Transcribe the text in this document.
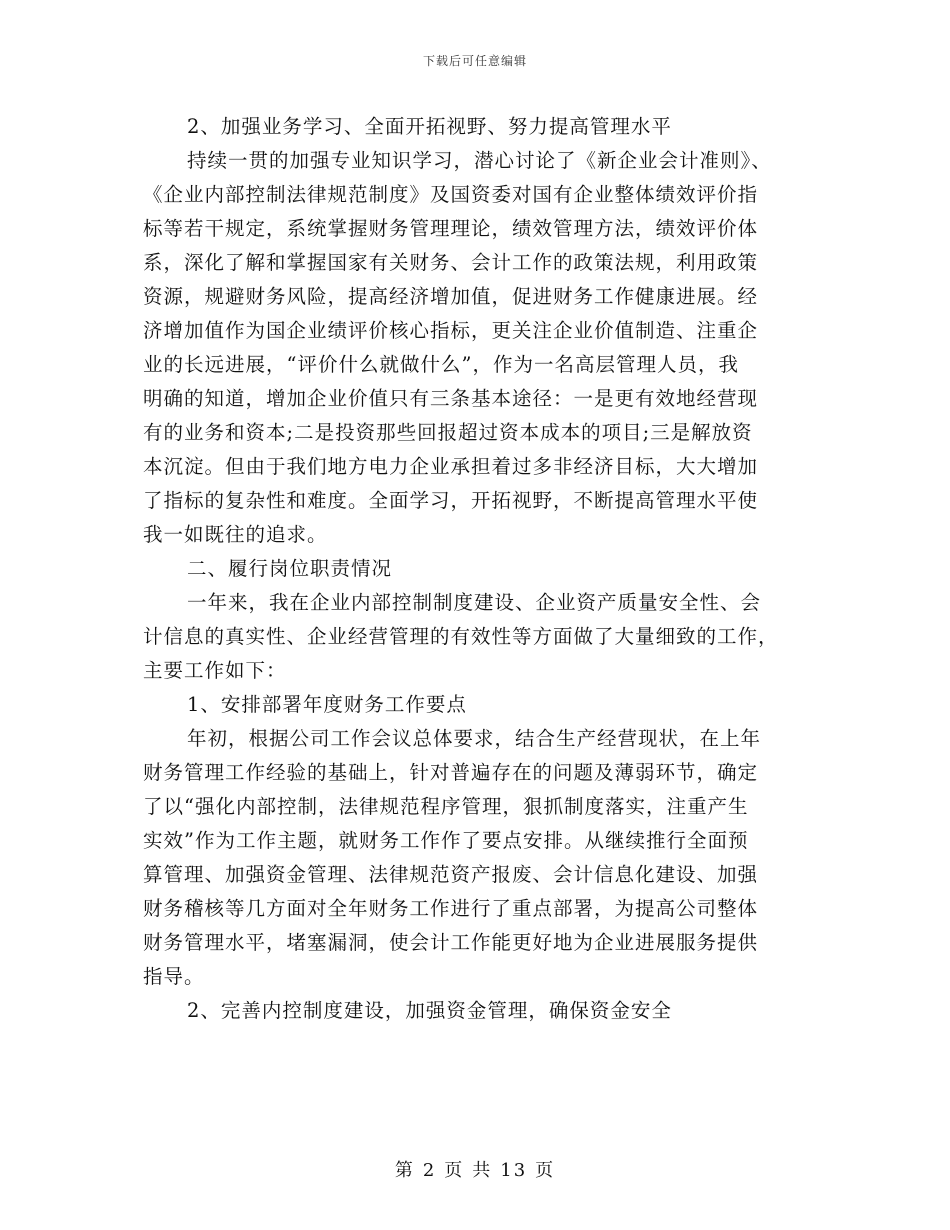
下载后可任意编辑
2、加强业务学习、全面开拓视野、努力提高管理水平
持续一贯的加强专业知识学习，潜心讨论了《新企业会计准则》、
《企业内部控制法律规范制度》及国资委对国有企业整体绩效评价指
标等若干规定，系统掌握财务管理理论，绩效管理方法，绩效评价体
系，深化了解和掌握国家有关财务、会计工作的政策法规，利用政策
资源，规避财务风险，提高经济增加值，促进财务工作健康进展。经
济增加值作为国企业绩评价核心指标，更关注企业价值制造、注重企
业的长远进展，“评价什么就做什么”，作为一名高层管理人员，我
明确的知道，增加企业价值只有三条基本途径：一是更有效地经营现
有的业务和资本;二是投资那些回报超过资本成本的项目;三是解放资
本沉淀。但由于我们地方电力企业承担着过多非经济目标，大大增加
了指标的复杂性和难度。全面学习，开拓视野，不断提高管理水平使
我一如既往的追求。
二、履行岗位职责情况
一年来，我在企业内部控制制度建设、企业资产质量安全性、会
计信息的真实性、企业经营管理的有效性等方面做了大量细致的工作，
主要工作如下：
1、安排部署年度财务工作要点
年初，根据公司工作会议总体要求，结合生产经营现状，在上年
财务管理工作经验的基础上，针对普遍存在的问题及薄弱环节，确定
了以“强化内部控制，法律规范程序管理，狠抓制度落实，注重产生
实效”作为工作主题，就财务工作作了要点安排。从继续推行全面预
算管理、加强资金管理、法律规范资产报废、会计信息化建设、加强
财务稽核等几方面对全年财务工作进行了重点部署，为提高公司整体
财务管理水平，堵塞漏洞，使会计工作能更好地为企业进展服务提供
指导。
2、完善内控制度建设，加强资金管理，确保资金安全
第 2 页 共 13 页
